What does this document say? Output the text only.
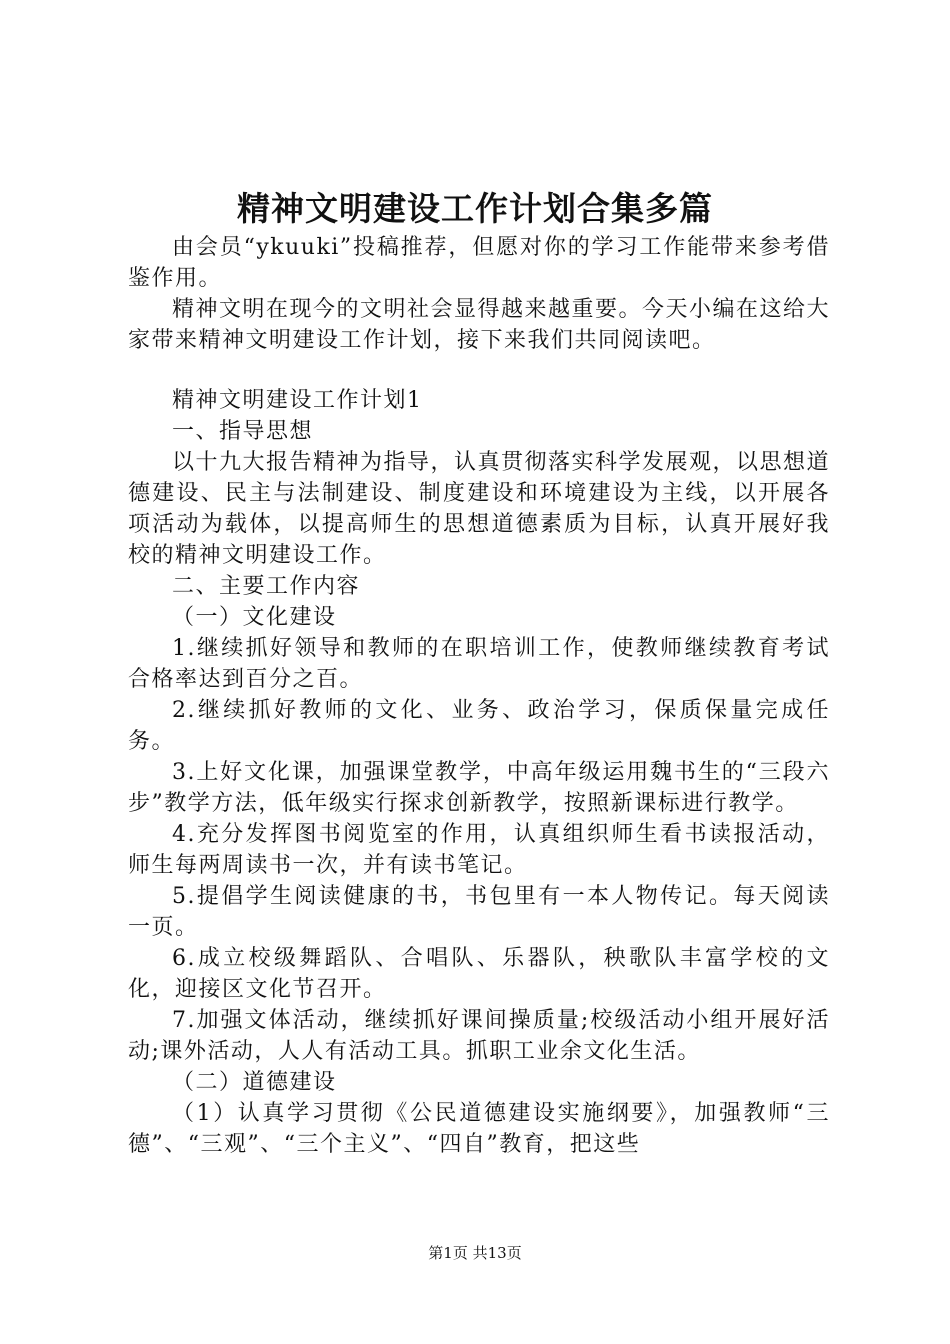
精神文明建设工作计划合集多篇

由会员“ykuuki”投稿推荐，但愿对你的学习工作能带来参考借鉴作用。

精神文明在现今的文明社会显得越来越重要。今天小编在这给大家带来精神文明建设工作计划，接下来我们共同阅读吧。

精神文明建设工作计划1

一、指导思想

以十九大报告精神为指导，认真贯彻落实科学发展观，以思想道德建设、民主与法制建设、制度建设和环境建设为主线，以开展各项活动为载体，以提高师生的思想道德素质为目标，认真开展好我校的精神文明建设工作。

二、主要工作内容

（一）文化建设

1.继续抓好领导和教师的在职培训工作，使教师继续教育考试合格率达到百分之百。

2.继续抓好教师的文化、业务、政治学习，保质保量完成任务。

3.上好文化课，加强课堂教学，中高年级运用魏书生的“三段六步”教学方法，低年级实行探求创新教学，按照新课标进行教学。

4.充分发挥图书阅览室的作用，认真组织师生看书读报活动，师生每两周读书一次，并有读书笔记。

5.提倡学生阅读健康的书，书包里有一本人物传记。每天阅读一页。

6.成立校级舞蹈队、合唱队、乐器队，秧歌队丰富学校的文化，迎接区文化节召开。

7.加强文体活动，继续抓好课间操质量;校级活动小组开展好活动;课外活动，人人有活动工具。抓职工业余文化生活。

（二）道德建设

（1）认真学习贯彻《公民道德建设实施纲要》，加强教师“三德”、“三观”、“三个主义”、“四自”教育，把这些

第1页 共13页
